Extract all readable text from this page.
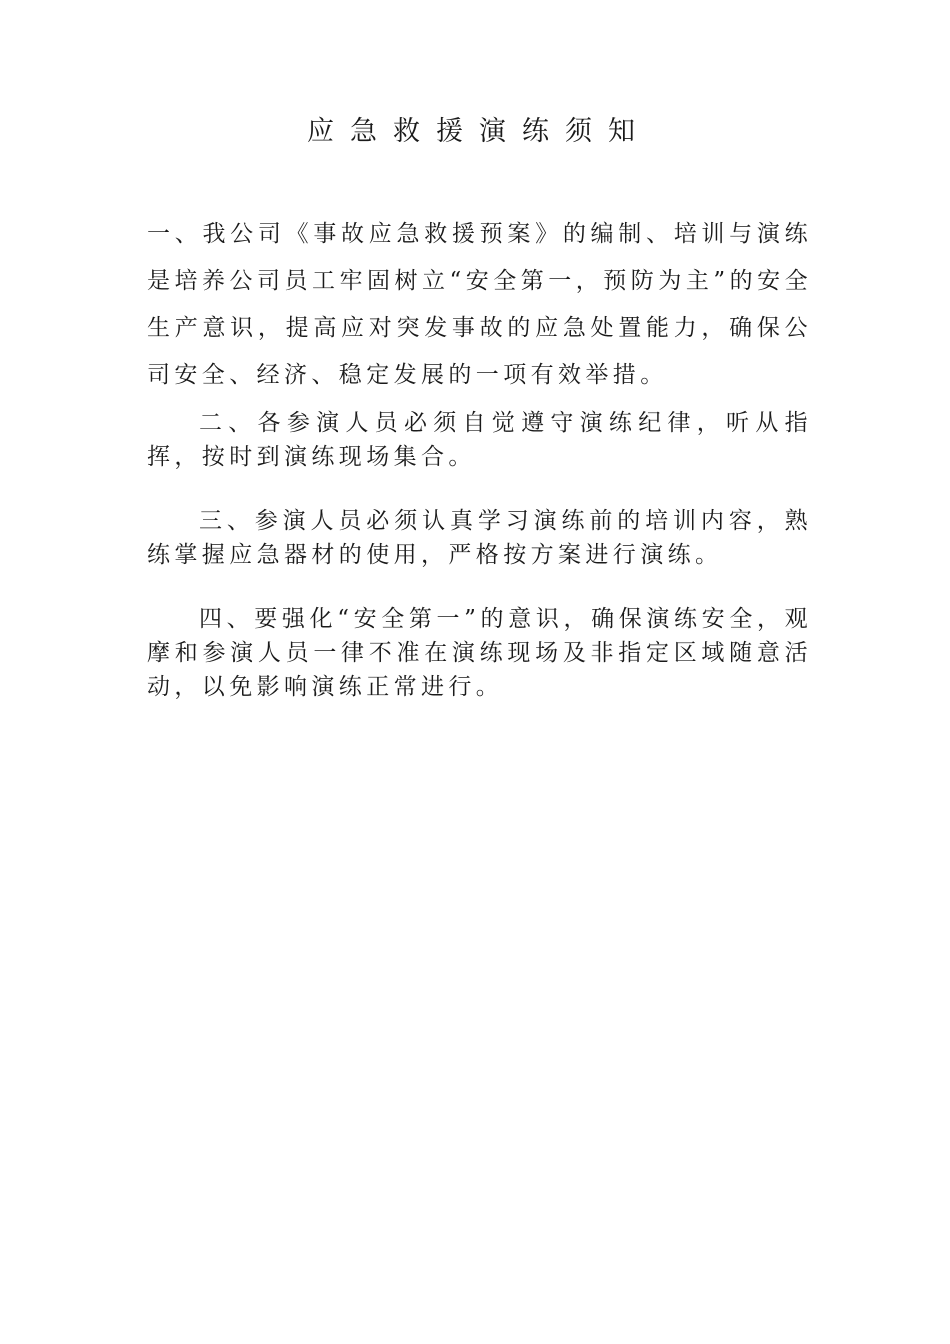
应急救援演练须知

一、我公司《事故应急救援预案》的编制、培训与演练是培养公司员工牢固树立“安全第一，预防为主”的安全生产意识，提高应对突发事故的应急处置能力，确保公司安全、经济、稳定发展的一项有效举措。

二、各参演人员必须自觉遵守演练纪律，听从指挥，按时到演练现场集合。

三、参演人员必须认真学习演练前的培训内容，熟练掌握应急器材的使用，严格按方案进行演练。

四、要强化“安全第一”的意识，确保演练安全，观摩和参演人员一律不准在演练现场及非指定区域随意活动，以免影响演练正常进行。
